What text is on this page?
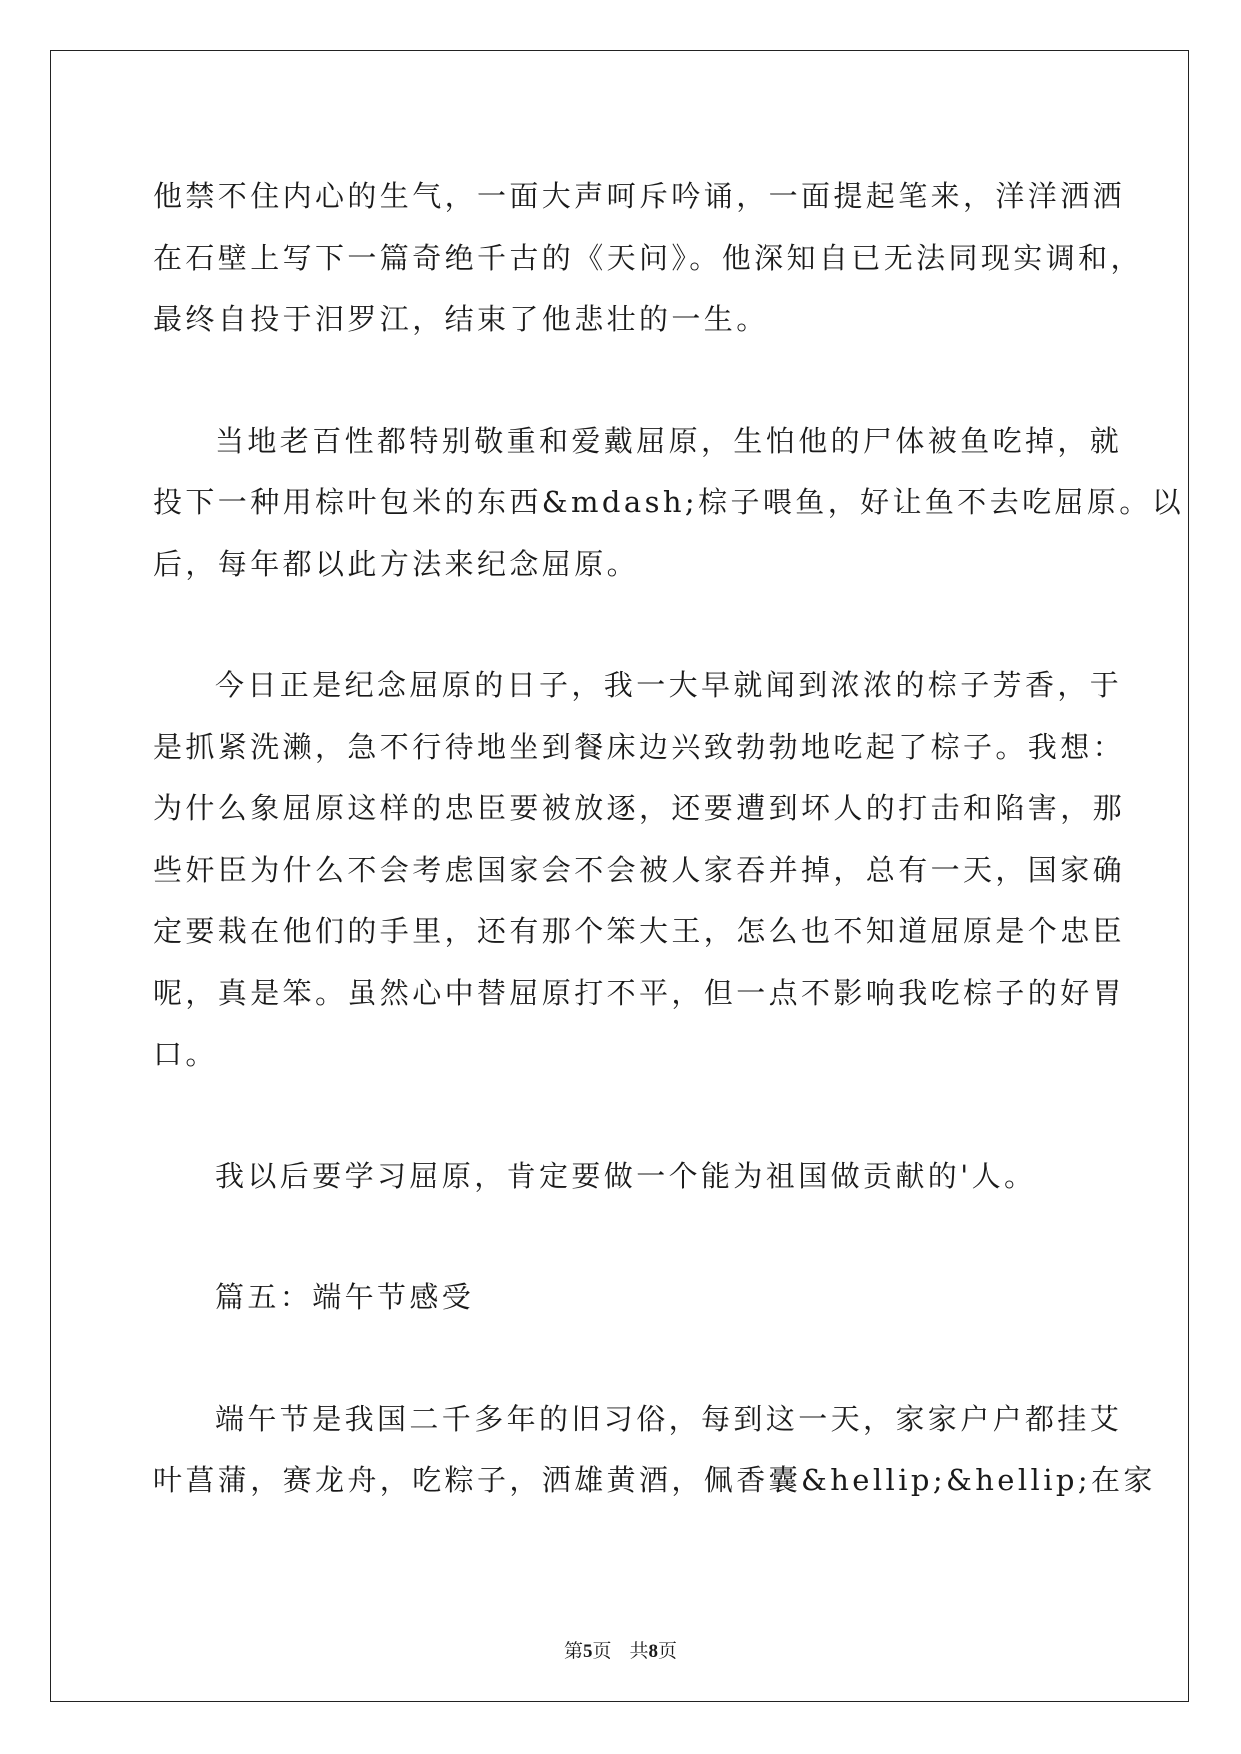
他禁不住内心的生气，一面大声呵斥吟诵，一面提起笔来，洋洋洒洒
在石壁上写下一篇奇绝千古的《天问》。他深知自已无法同现实调和，
最终自投于汨罗江，结束了他悲壮的一生。
当地老百性都特别敬重和爱戴屈原，生怕他的尸体被鱼吃掉，就
投下一种用棕叶包米的东西&mdash;棕子喂鱼，好让鱼不去吃屈原。以
后，每年都以此方法来纪念屈原。
今日正是纪念屈原的日子，我一大早就闻到浓浓的棕子芳香，于
是抓紧洗濑，急不行待地坐到餐床边兴致勃勃地吃起了棕子。我想：
为什么象屈原这样的忠臣要被放逐，还要遭到坏人的打击和陷害，那
些奸臣为什么不会考虑国家会不会被人家吞并掉，总有一天，国家确
定要栽在他们的手里，还有那个笨大王，怎么也不知道屈原是个忠臣
呢，真是笨。虽然心中替屈原打不平，但一点不影响我吃棕子的好胃
口。
我以后要学习屈原，肯定要做一个能为祖国做贡献的'人。
篇五：端午节感受
端午节是我国二千多年的旧习俗，每到这一天，家家户户都挂艾
叶菖蒲，赛龙舟，吃粽子，洒雄黄酒，佩香囊&hellip;&hellip;在家
第5页 共8页
